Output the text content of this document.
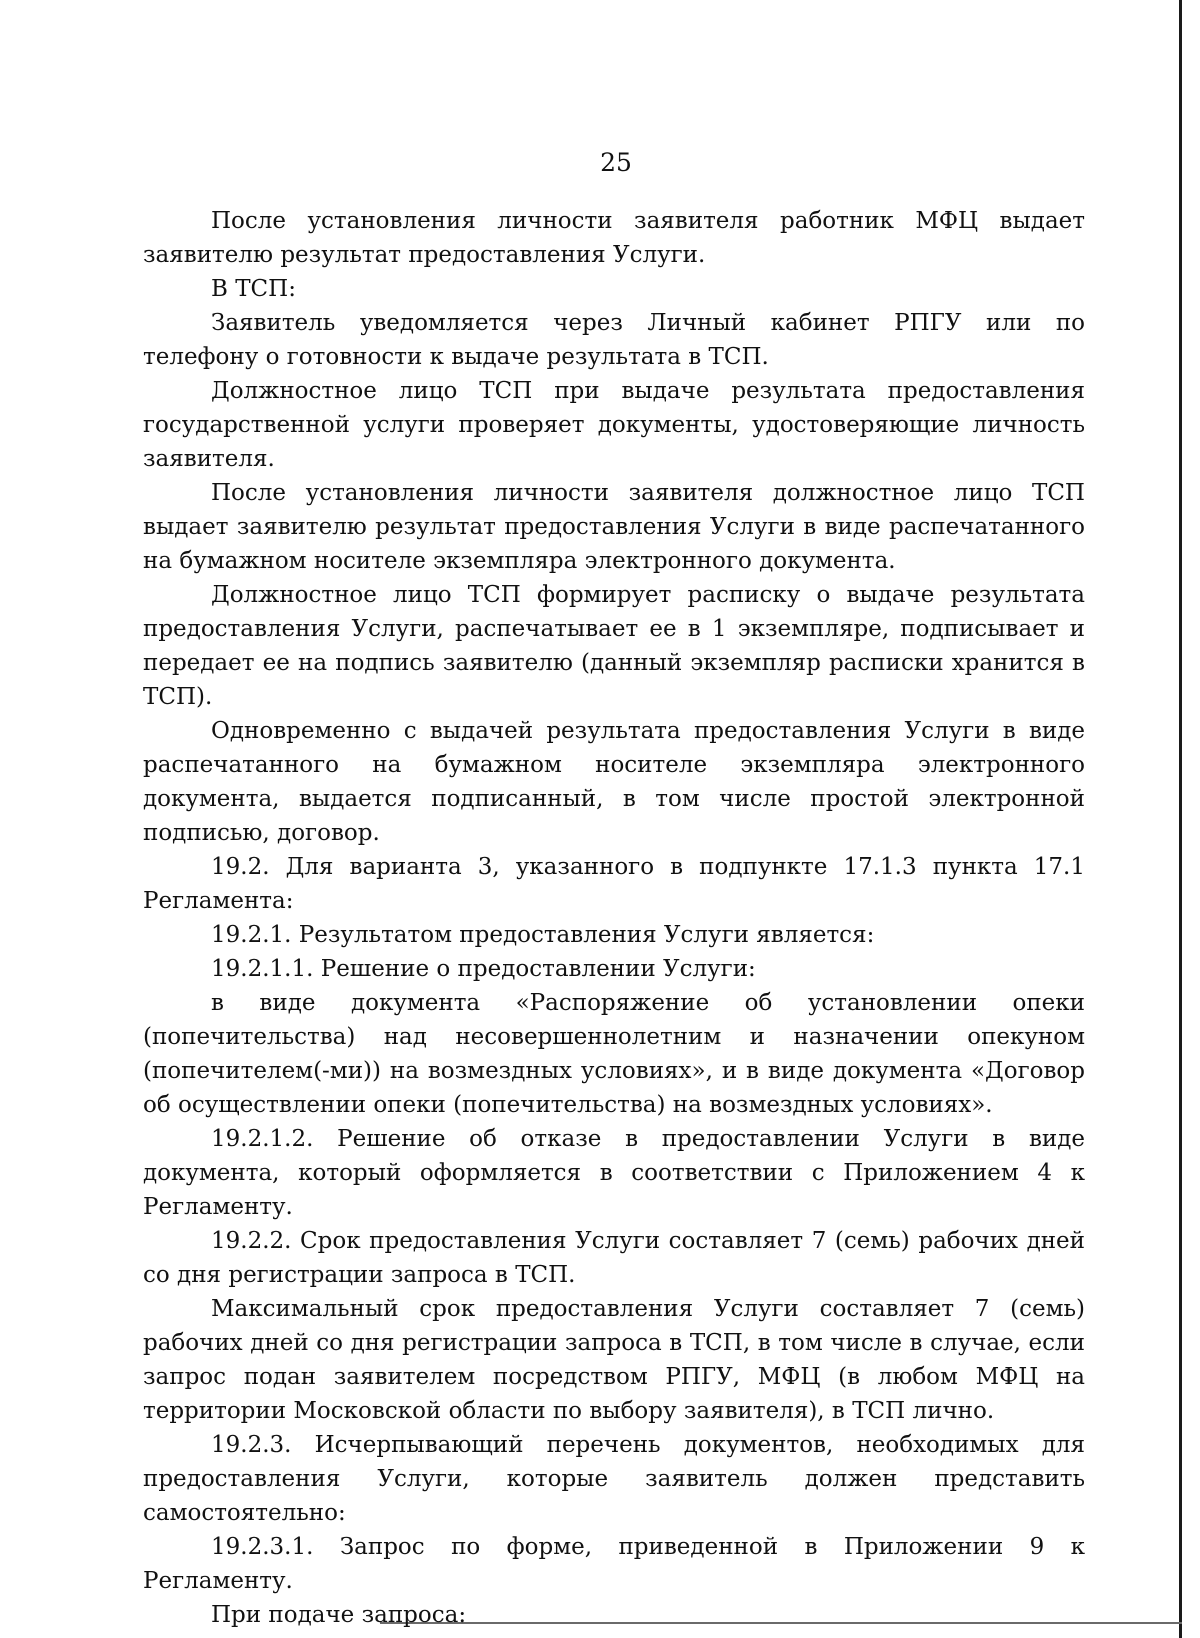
25

После установления личности заявителя работник МФЦ выдает заявителю результат предоставления Услуги.

В ТСП:

Заявитель уведомляется через Личный кабинет РПГУ или по телефону о готовности к выдаче результата в ТСП.

Должностное лицо ТСП при выдаче результата предоставления государственной услуги проверяет документы, удостоверяющие личность заявителя.

После установления личности заявителя должностное лицо ТСП выдает заявителю результат предоставления Услуги в виде распечатанного на бумажном носителе экземпляра электронного документа.

Должностное лицо ТСП формирует расписку о выдаче результата предоставления Услуги, распечатывает ее в 1 экземпляре, подписывает и передает ее на подпись заявителю (данный экземпляр расписки хранится в ТСП).

Одновременно с выдачей результата предоставления Услуги в виде распечатанного на бумажном носителе экземпляра электронного документа, выдается подписанный, в том числе простой электронной подписью, договор.

19.2. Для варианта 3, указанного в подпункте 17.1.3 пункта 17.1 Регламента:

19.2.1. Результатом предоставления Услуги является:

19.2.1.1. Решение о предоставлении Услуги:

в виде документа «Распоряжение об установлении опеки (попечительства) над несовершеннолетним и назначении опекуном (попечителем(-ми)) на возмездных условиях», и в виде документа «Договор об осуществлении опеки (попечительства) на возмездных условиях».

19.2.1.2. Решение об отказе в предоставлении Услуги в виде документа, который оформляется в соответствии с Приложением 4 к Регламенту.

19.2.2. Срок предоставления Услуги составляет 7 (семь) рабочих дней со дня регистрации запроса в ТСП.

Максимальный срок предоставления Услуги составляет 7 (семь) рабочих дней со дня регистрации запроса в ТСП, в том числе в случае, если запрос подан заявителем посредством РПГУ, МФЦ (в любом МФЦ на территории Московской области по выбору заявителя), в ТСП лично.

19.2.3. Исчерпывающий перечень документов, необходимых для предоставления Услуги, которые заявитель должен представить самостоятельно:

19.2.3.1. Запрос по форме, приведенной в Приложении 9 к Регламенту.

При подаче запроса:
